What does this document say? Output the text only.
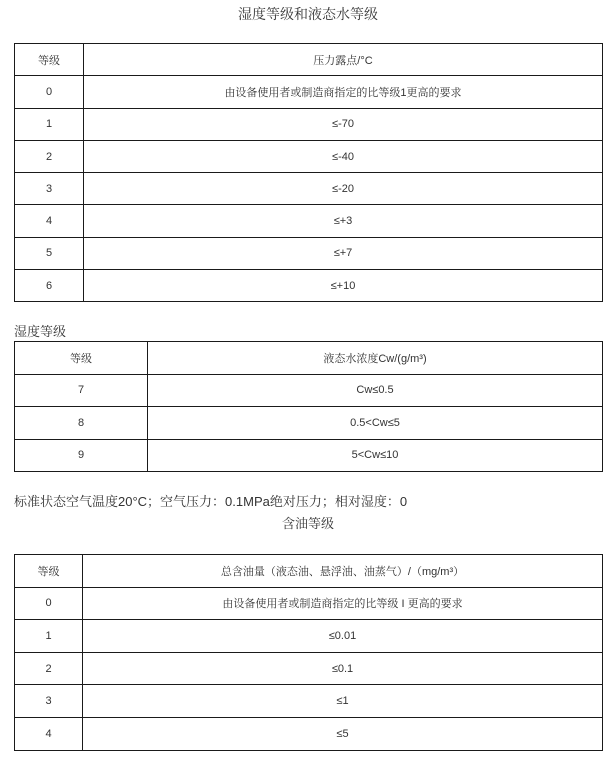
湿度等级和液态水等级
等级	压力露点/°C
0	由设备使用者或制造商指定的比等级1更高的要求
1	≤-70
2	≤-40
3	≤-20
4	≤+3
5	≤+7
6	≤+10
湿度等级
等级	液态水浓度Cw/(g/m³)
7	Cw≤0.5
8	0.5<Cw≤5
9	5<Cw≤10
标准状态空气温度20°C；空气压力：0.1MPa绝对压力；相对湿度：0
含油等级
等级	总含油量（液态油、悬浮油、油蒸气）/（mg/m³）
0	由设备使用者或制造商指定的比等级 I 更高的要求
1	≤0.01
2	≤0.1
3	≤1
4	≤5
